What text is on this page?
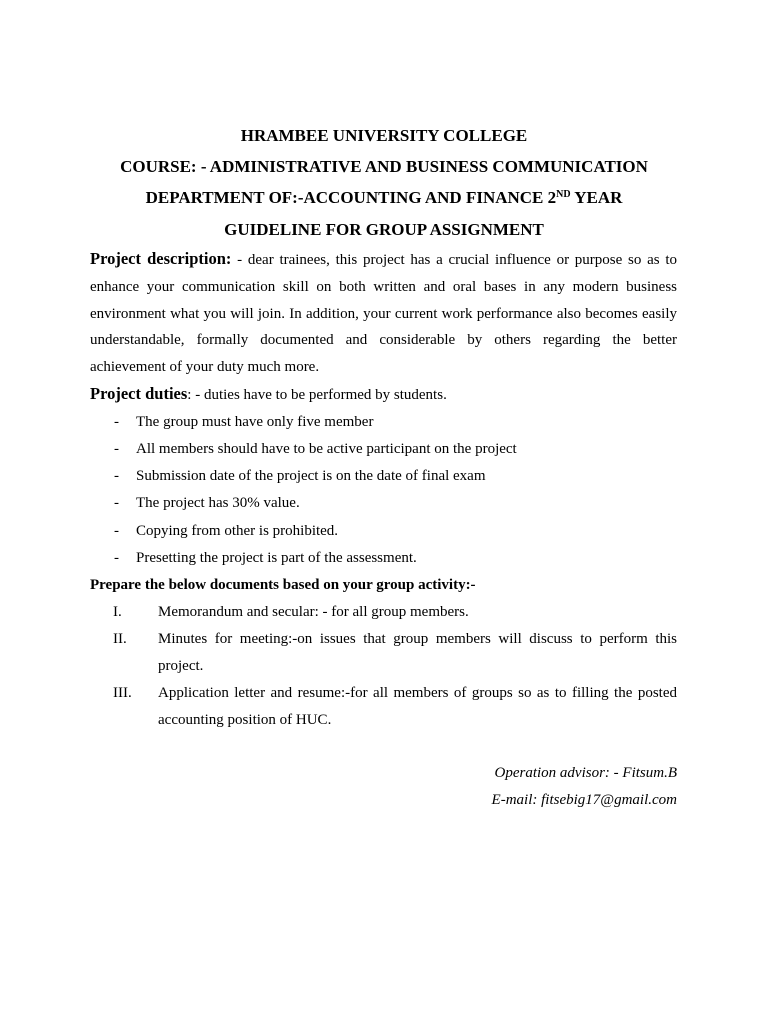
HRAMBEE UNIVERSITY COLLEGE
COURSE: - ADMINISTRATIVE AND BUSINESS COMMUNICATION
DEPARTMENT OF:-ACCOUNTING AND FINANCE 2ND YEAR
GUIDELINE FOR GROUP ASSIGNMENT
Project description: - dear trainees, this project has a crucial influence or purpose so as to enhance your communication skill on both written and oral bases in any modern business environment what you will join. In addition, your current work performance also becomes easily understandable, formally documented and considerable by others regarding the better achievement of your duty much more.
Project duties: - duties have to be performed by students.
- The group must have only five member
- All members should have to be active participant on the project
- Submission date of the project is on the date of final exam
- The project has 30% value.
- Copying from other is prohibited.
- Presetting the project is part of the assessment.
Prepare the below documents based on your group activity:-
I. Memorandum and secular: - for all group members.
II. Minutes for meeting:-on issues that group members will discuss to perform this project.
III. Application letter and resume:-for all members of groups so as to filling the posted accounting position of HUC.
Operation advisor: - Fitsum.B
E-mail: fitsebig17@gmail.com
